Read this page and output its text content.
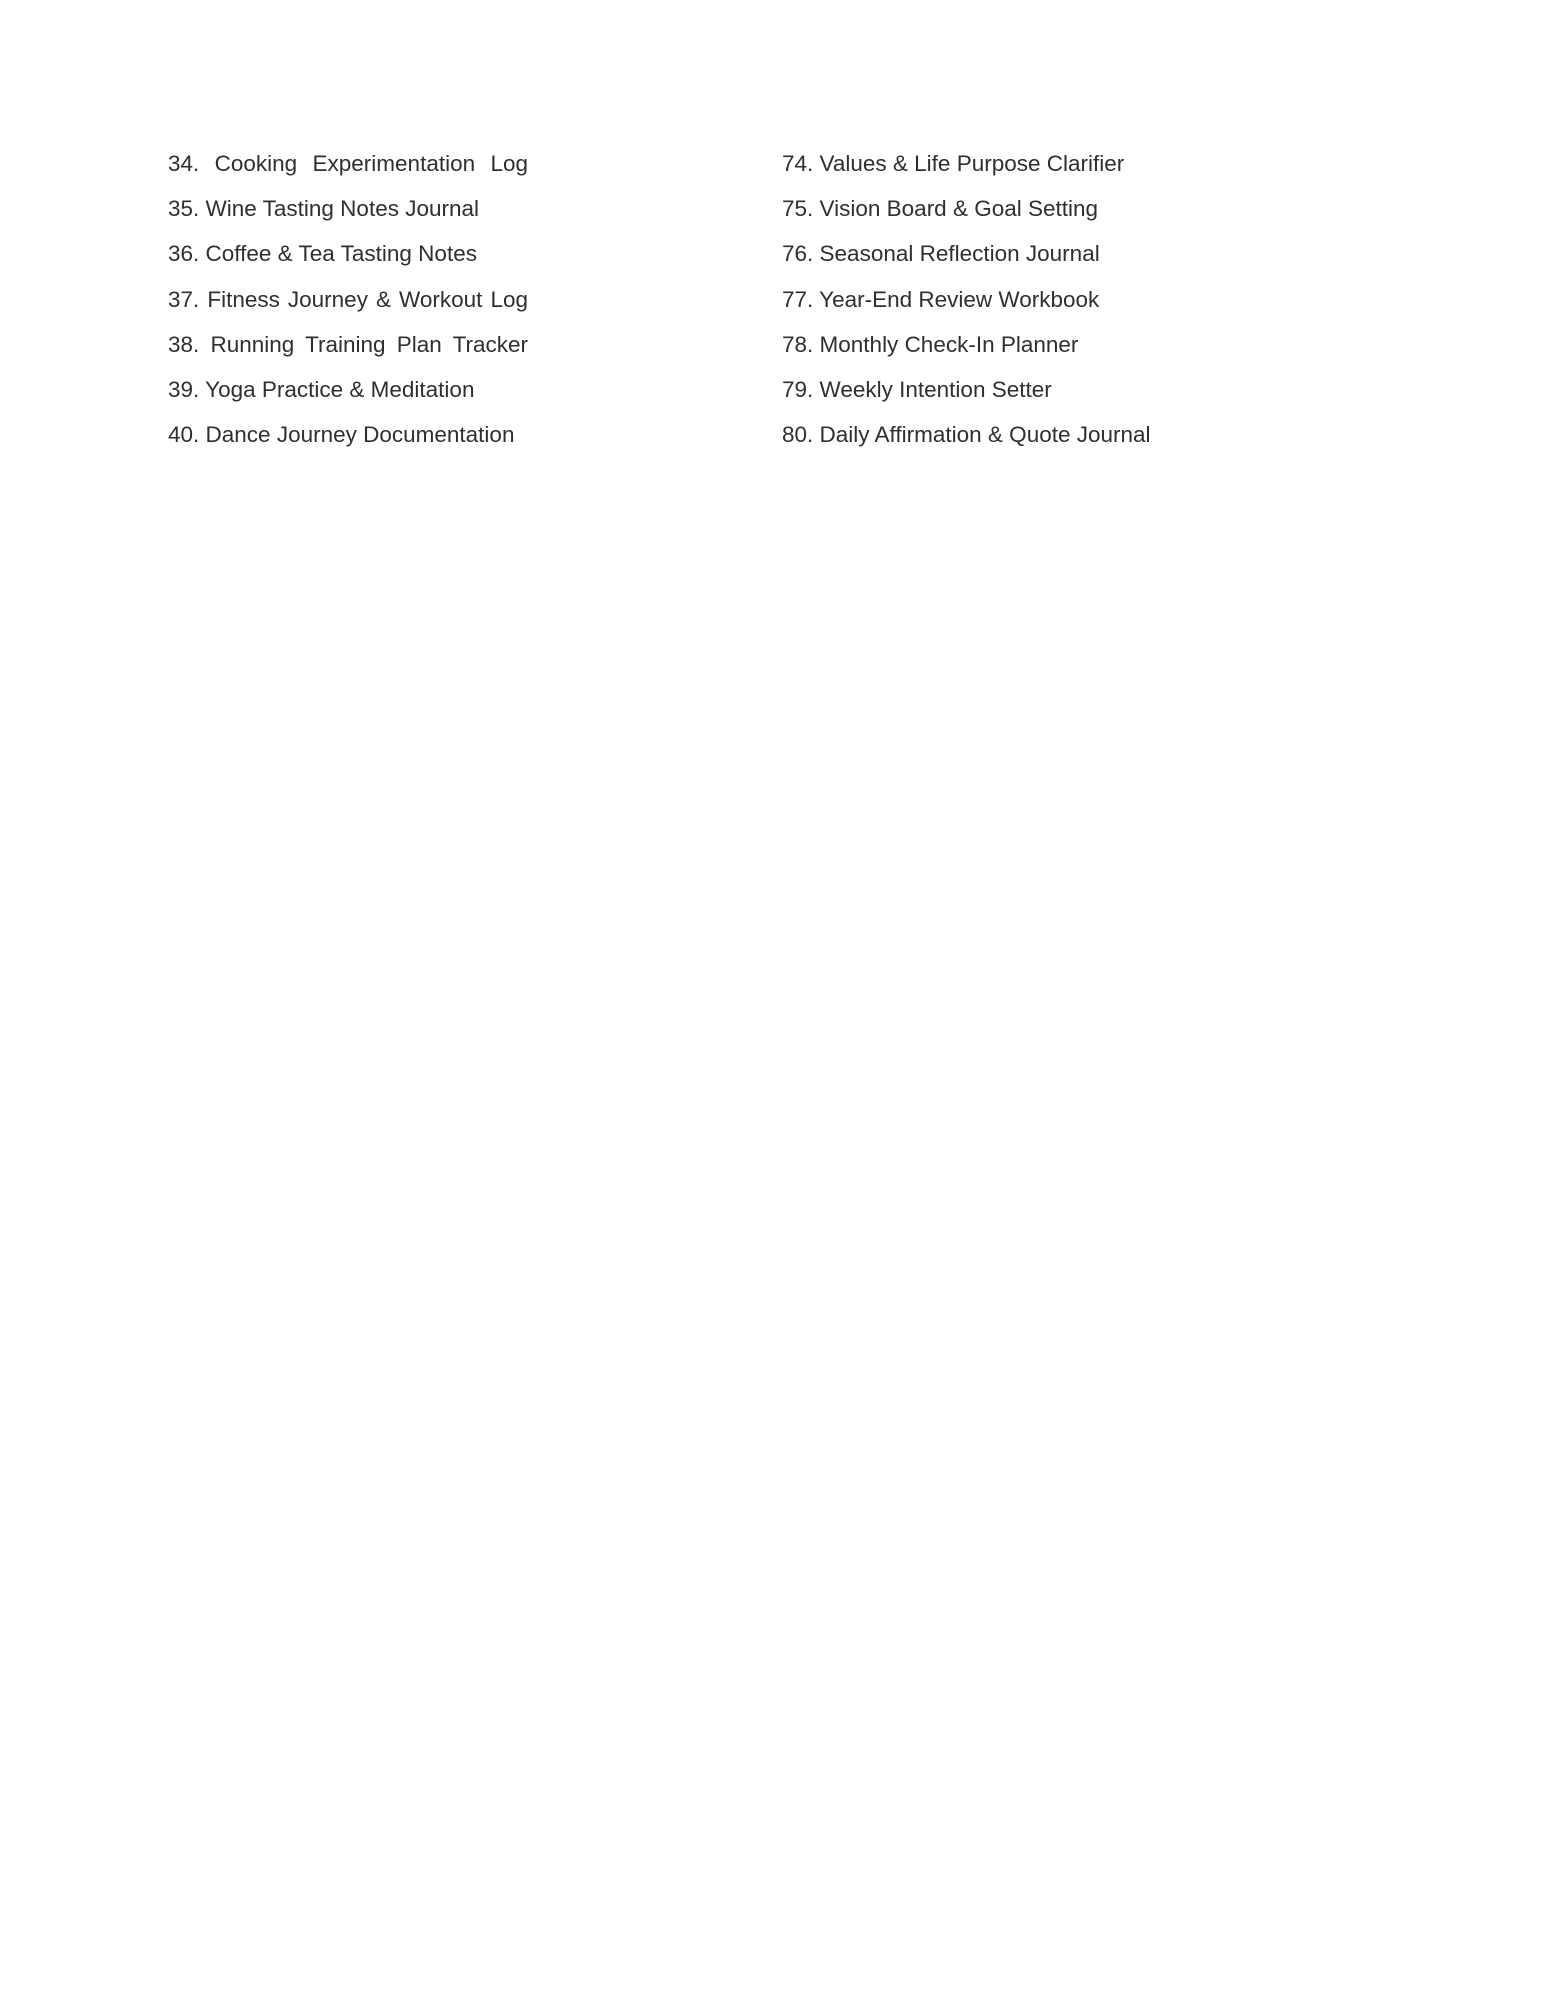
34. Cooking Experimentation Log
35. Wine Tasting Notes Journal
36. Coffee & Tea Tasting Notes
37. Fitness Journey & Workout Log
38. Running Training Plan Tracker
39. Yoga Practice & Meditation
40. Dance Journey Documentation
74. Values & Life Purpose Clarifier
75. Vision Board & Goal Setting
76. Seasonal Reflection Journal
77. Year-End Review Workbook
78. Monthly Check-In Planner
79. Weekly Intention Setter
80. Daily Affirmation & Quote Journal
